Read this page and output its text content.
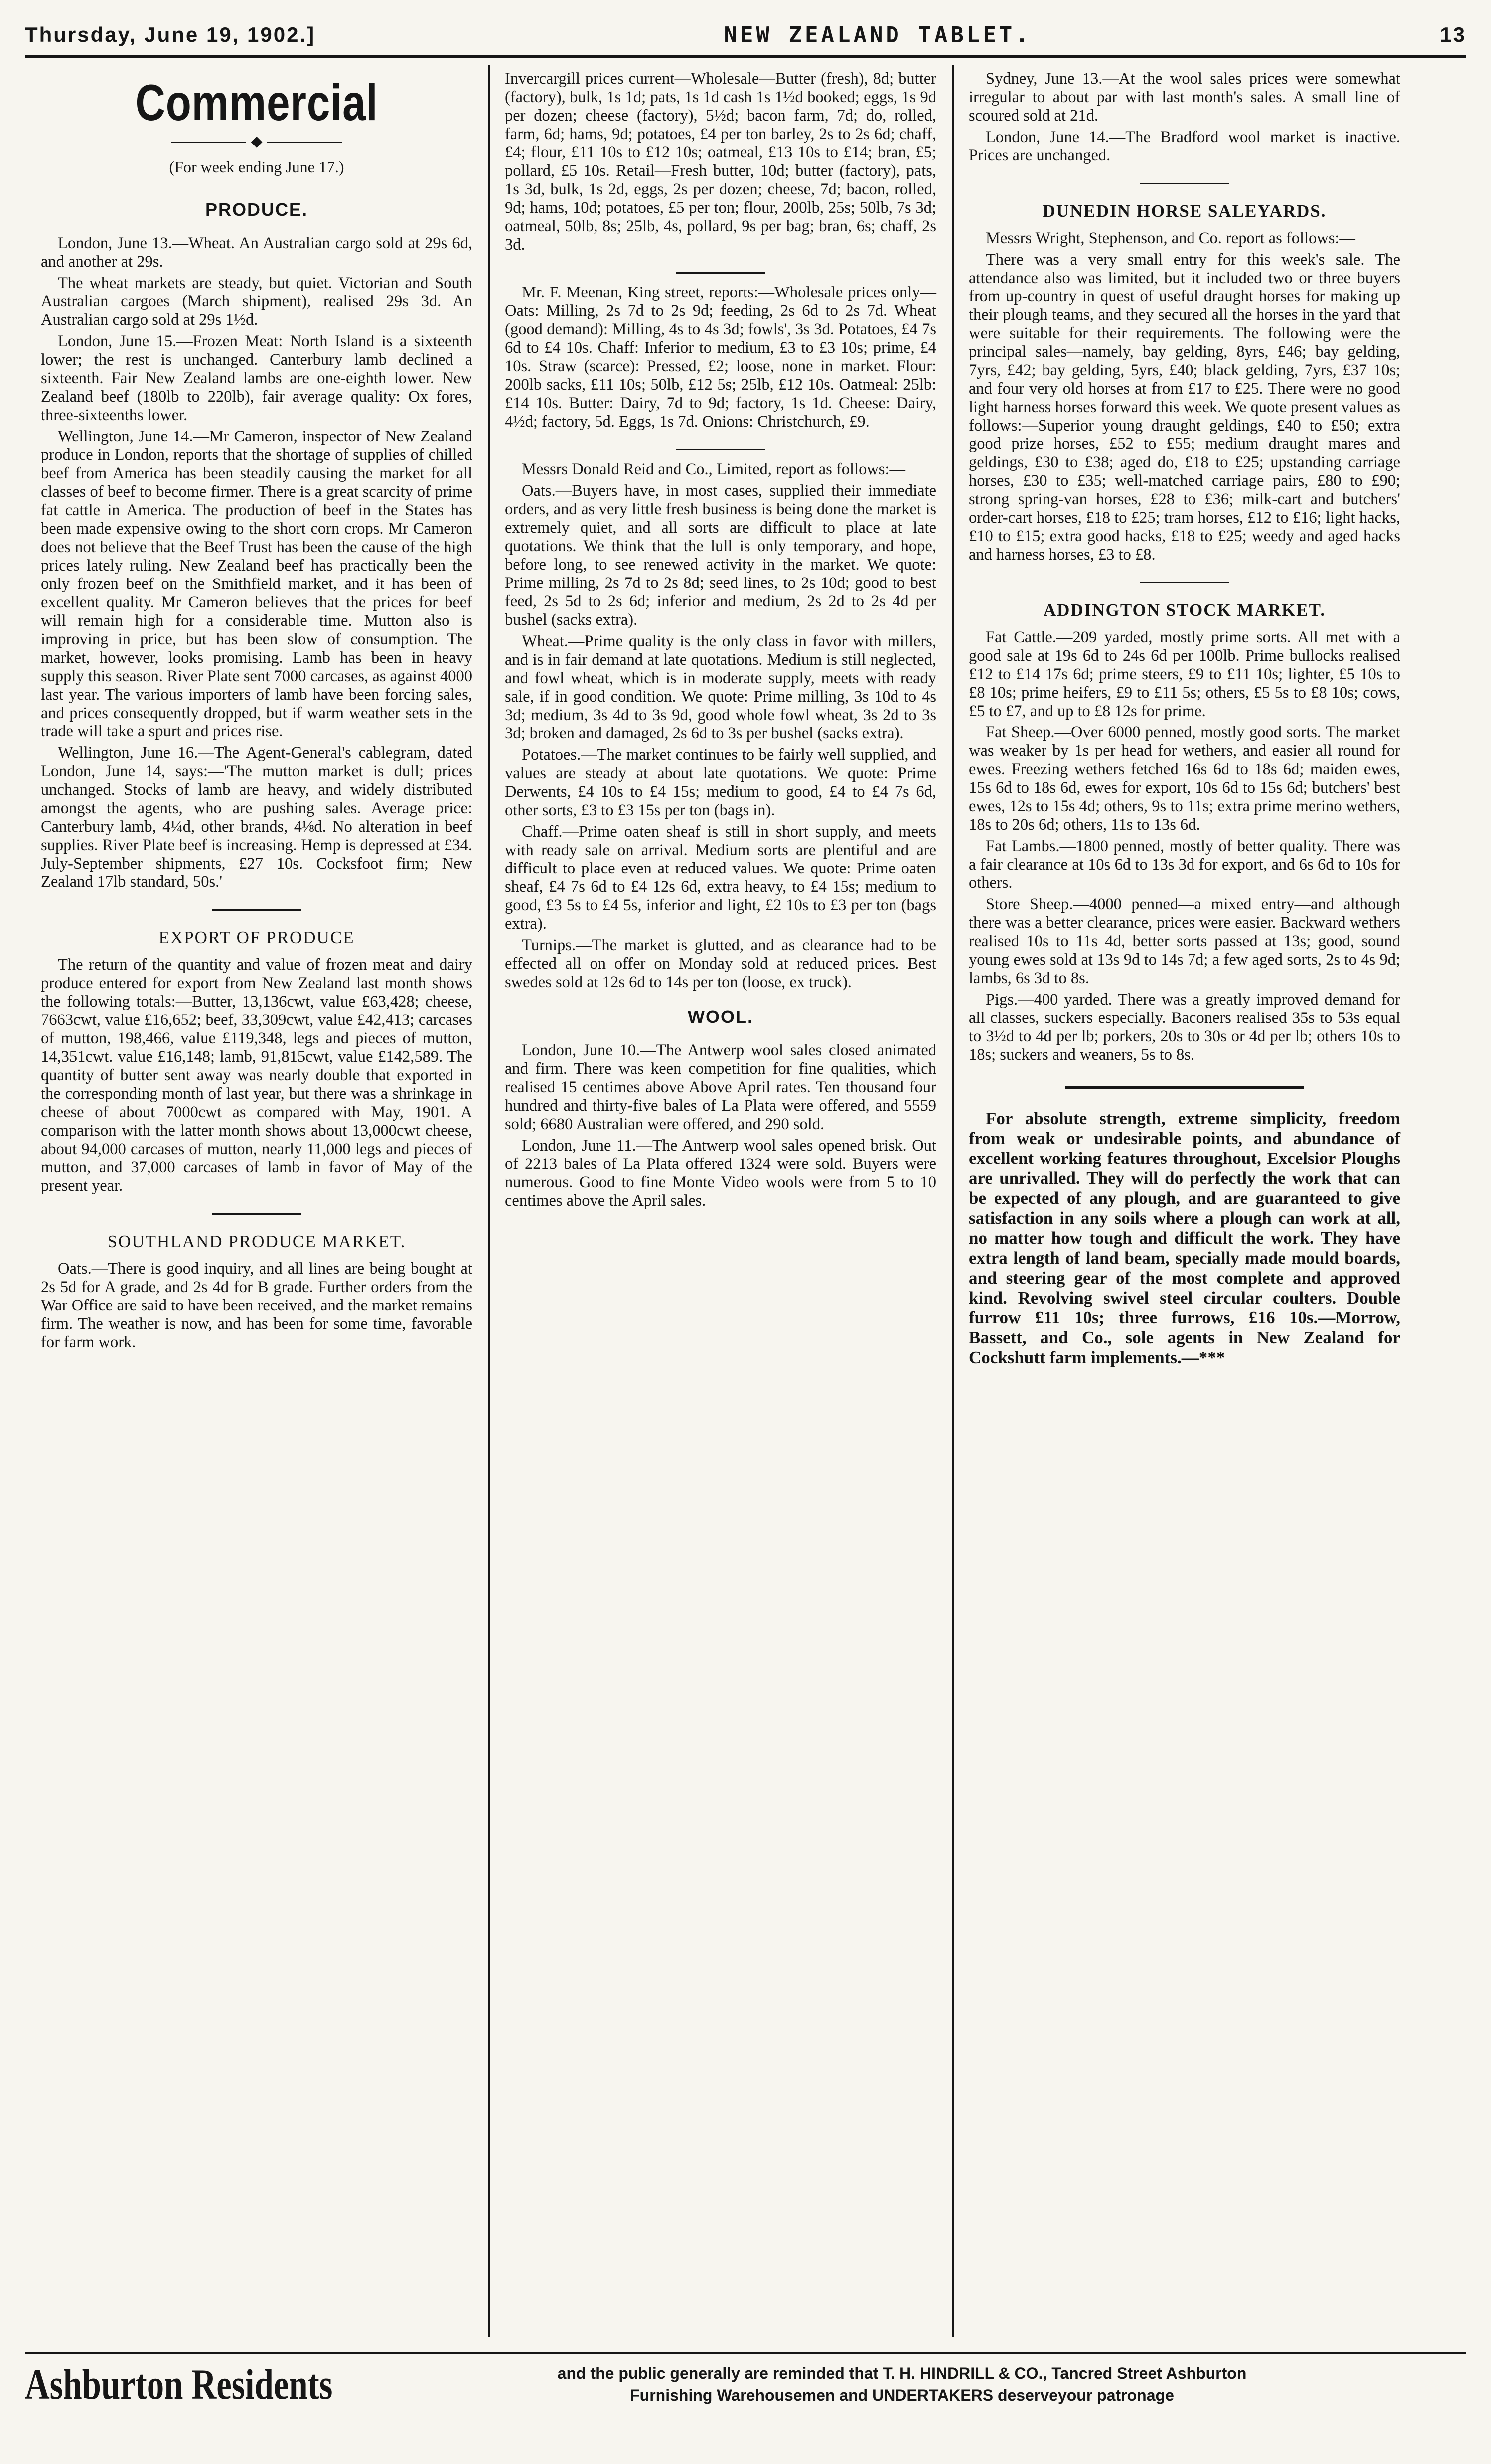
Thursday, June 19, 1902.]	NEW ZEALAND TABLET.	13
Commercial
◆
(For week ending June 17.)
PRODUCE.

London, June 13.—Wheat. An Australian cargo sold at 29s 6d, and another at 29s.

The wheat markets are steady, but quiet. Victorian and South Australian cargoes (March shipment), realised 29s 3d. An Australian cargo sold at 29s 1½d.

London, June 15.—Frozen Meat: North Island is a sixteenth lower; the rest is unchanged. Canterbury lamb declined a sixteenth. Fair New Zealand lambs are one-eighth lower. New Zealand beef (180lb to 220lb), fair average quality: Ox fores, three-sixteenths lower.

Wellington, June 14.—Mr Cameron, inspector of New Zealand produce in London, reports that the shortage of supplies of chilled beef from America has been steadily causing the market for all classes of beef to become firmer. There is a great scarcity of prime fat cattle in America. The production of beef in the States has been made expensive owing to the short corn crops. Mr Cameron does not believe that the Beef Trust has been the cause of the high prices lately ruling. New Zealand beef has practically been the only frozen beef on the Smithfield market, and it has been of excellent quality. Mr Cameron believes that the prices for beef will remain high for a considerable time. Mutton also is improving in price, but has been slow of consumption. The market, however, looks promising. Lamb has been in heavy supply this season. River Plate sent 7000 carcases, as against 4000 last year. The various importers of lamb have been forcing sales, and prices consequently dropped, but if warm weather sets in the trade will take a spurt and prices rise.

Wellington, June 16.—The Agent-General's cablegram, dated London, June 14, says:—'The mutton market is dull; prices unchanged. Stocks of lamb are heavy, and widely distributed amongst the agents, who are pushing sales. Average price: Canterbury lamb, 4¼d, other brands, 4⅛d. No alteration in beef supplies. River Plate beef is increasing. Hemp is depressed at £34. July-September shipments, £27 10s. Cocksfoot firm; New Zealand 17lb standard, 50s.'

EXPORT OF PRODUCE

The return of the quantity and value of frozen meat and dairy produce entered for export from New Zealand last month shows the following totals:—Butter, 13,136cwt, value £63,428; cheese, 7663cwt, value £16,652; beef, 33,309cwt, value £42,413; carcases of mutton, 198,466, value £119,348, legs and pieces of mutton, 14,351cwt. value £16,148; lamb, 91,815cwt, value £142,589. The quantity of butter sent away was nearly double that exported in the corresponding month of last year, but there was a shrinkage in cheese of about 7000cwt as compared with May, 1901. A comparison with the latter month shows about 13,000cwt cheese, about 94,000 carcases of mutton, nearly 11,000 legs and pieces of mutton, and 37,000 carcases of lamb in favor of May of the present year.

SOUTHLAND PRODUCE MARKET.

Oats.—There is good inquiry, and all lines are being bought at 2s 5d for A grade, and 2s 4d for B grade. Further orders from the War Office are said to have been received, and the market remains firm. The weather is now, and has been for some time, favorable for farm work.

Invercargill prices current—Wholesale—Butter (fresh), 8d; butter (factory), bulk, 1s 1d; pats, 1s 1d cash 1s 1½d booked; eggs, 1s 9d per dozen; cheese (factory), 5½d; bacon farm, 7d; do, rolled, farm, 6d; hams, 9d; potatoes, £4 per ton barley, 2s to 2s 6d; chaff, £4; flour, £11 10s to £12 10s; oatmeal, £13 10s to £14; bran, £5; pollard, £5 10s. Retail—Fresh butter, 10d; butter (factory), pats, 1s 3d, bulk, 1s 2d, eggs, 2s per dozen; cheese, 7d; bacon, rolled, 9d; hams, 10d; potatoes, £5 per ton; flour, 200lb, 25s; 50lb, 7s 3d; oatmeal, 50lb, 8s; 25lb, 4s, pollard, 9s per bag; bran, 6s; chaff, 2s 3d.

Mr. F. Meenan, King street, reports:—Wholesale prices only—Oats: Milling, 2s 7d to 2s 9d; feeding, 2s 6d to 2s 7d. Wheat (good demand): Milling, 4s to 4s 3d; fowls', 3s 3d. Potatoes, £4 7s 6d to £4 10s. Chaff: Inferior to medium, £3 to £3 10s; prime, £4 10s. Straw (scarce): Pressed, £2; loose, none in market. Flour: 200lb sacks, £11 10s; 50lb, £12 5s; 25lb, £12 10s. Oatmeal: 25lb: £14 10s. Butter: Dairy, 7d to 9d; factory, 1s 1d. Cheese: Dairy, 4½d; factory, 5d. Eggs, 1s 7d. Onions: Christchurch, £9.

Messrs Donald Reid and Co., Limited, report as follows:—

Oats.—Buyers have, in most cases, supplied their immediate orders, and as very little fresh business is being done the market is extremely quiet, and all sorts are difficult to place at late quotations. We think that the lull is only temporary, and hope, before long, to see renewed activity in the market. We quote: Prime milling, 2s 7d to 2s 8d; seed lines, to 2s 10d; good to best feed, 2s 5d to 2s 6d; inferior and medium, 2s 2d to 2s 4d per bushel (sacks extra).

Wheat.—Prime quality is the only class in favor with millers, and is in fair demand at late quotations. Medium is still neglected, and fowl wheat, which is in moderate supply, meets with ready sale, if in good condition. We quote: Prime milling, 3s 10d to 4s 3d; medium, 3s 4d to 3s 9d, good whole fowl wheat, 3s 2d to 3s 3d; broken and damaged, 2s 6d to 3s per bushel (sacks extra).

Potatoes.—The market continues to be fairly well supplied, and values are steady at about late quotations. We quote: Prime Derwents, £4 10s to £4 15s; medium to good, £4 to £4 7s 6d, other sorts, £3 to £3 15s per ton (bags in).

Chaff.—Prime oaten sheaf is still in short supply, and meets with ready sale on arrival. Medium sorts are plentiful and are difficult to place even at reduced values. We quote: Prime oaten sheaf, £4 7s 6d to £4 12s 6d, extra heavy, to £4 15s; medium to good, £3 5s to £4 5s, inferior and light, £2 10s to £3 per ton (bags extra).

Turnips.—The market is glutted, and as clearance had to be effected all on offer on Monday sold at reduced prices. Best swedes sold at 12s 6d to 14s per ton (loose, ex truck).

WOOL.

London, June 10.—The Antwerp wool sales closed animated and firm. There was keen competition for fine qualities, which realised 15 centimes above Above April rates. Ten thousand four hundred and thirty-five bales of La Plata were offered, and 5559 sold; 6680 Australian were offered, and 290 sold.

London, June 11.—The Antwerp wool sales opened brisk. Out of 2213 bales of La Plata offered 1324 were sold. Buyers were numerous. Good to fine Monte Video wools were from 5 to 10 centimes above the April sales.

Sydney, June 13.—At the wool sales prices were somewhat irregular to about par with last month's sales. A small line of scoured sold at 21d.

London, June 14.—The Bradford wool market is inactive. Prices are unchanged.

DUNEDIN HORSE SALEYARDS.

Messrs Wright, Stephenson, and Co. report as follows:—

There was a very small entry for this week's sale. The attendance also was limited, but it included two or three buyers from up-country in quest of useful draught horses for making up their plough teams, and they secured all the horses in the yard that were suitable for their requirements. The following were the principal sales—namely, bay gelding, 8yrs, £46; bay gelding, 7yrs, £42; bay gelding, 5yrs, £40; black gelding, 7yrs, £37 10s; and four very old horses at from £17 to £25. There were no good light harness horses forward this week. We quote present values as follows:—Superior young draught geldings, £40 to £50; extra good prize horses, £52 to £55; medium draught mares and geldings, £30 to £38; aged do, £18 to £25; upstanding carriage horses, £30 to £35; well-matched carriage pairs, £80 to £90; strong spring-van horses, £28 to £36; milk-cart and butchers' order-cart horses, £18 to £25; tram horses, £12 to £16; light hacks, £10 to £15; extra good hacks, £18 to £25; weedy and aged hacks and harness horses, £3 to £8.

ADDINGTON STOCK MARKET.

Fat Cattle.—209 yarded, mostly prime sorts. All met with a good sale at 19s 6d to 24s 6d per 100lb. Prime bullocks realised £12 to £14 17s 6d; prime steers, £9 to £11 10s; lighter, £5 10s to £8 10s; prime heifers, £9 to £11 5s; others, £5 5s to £8 10s; cows, £5 to £7, and up to £8 12s for prime.

Fat Sheep.—Over 6000 penned, mostly good sorts. The market was weaker by 1s per head for wethers, and easier all round for ewes. Freezing wethers fetched 16s 6d to 18s 6d; maiden ewes, 15s 6d to 18s 6d, ewes for export, 10s 6d to 15s 6d; butchers' best ewes, 12s to 15s 4d; others, 9s to 11s; extra prime merino wethers, 18s to 20s 6d; others, 11s to 13s 6d.

Fat Lambs.—1800 penned, mostly of better quality. There was a fair clearance at 10s 6d to 13s 3d for export, and 6s 6d to 10s for others.

Store Sheep.—4000 penned—a mixed entry—and although there was a better clearance, prices were easier. Backward wethers realised 10s to 11s 4d, better sorts passed at 13s; good, sound young ewes sold at 13s 9d to 14s 7d; a few aged sorts, 2s to 4s 9d; lambs, 6s 3d to 8s.

Pigs.—400 yarded. There was a greatly improved demand for all classes, suckers especially. Baconers realised 35s to 53s equal to 3½d to 4d per lb; porkers, 20s to 30s or 4d per lb; others 10s to 18s; suckers and weaners, 5s to 8s.

For absolute strength, extreme simplicity, freedom from weak or undesirable points, and abundance of excellent working features throughout, Excelsior Ploughs are unrivalled. They will do perfectly the work that can be expected of any plough, and are guaranteed to give satisfaction in any soils where a plough can work at all, no matter how tough and difficult the work. They have extra length of land beam, specially made mould boards, and steering gear of the most complete and approved kind. Revolving swivel steel circular coulters. Double furrow £11 10s; three furrows, £16 10s.—Morrow, Bassett, and Co., sole agents in New Zealand for Cockshutt farm implements.—***

Ashburton Residents	and the public generally are reminded that T. H. HINDRILL & CO., Tancred Street Ashburton
Furnishing Warehousemen and UNDERTAKERS deserveyour patronage
